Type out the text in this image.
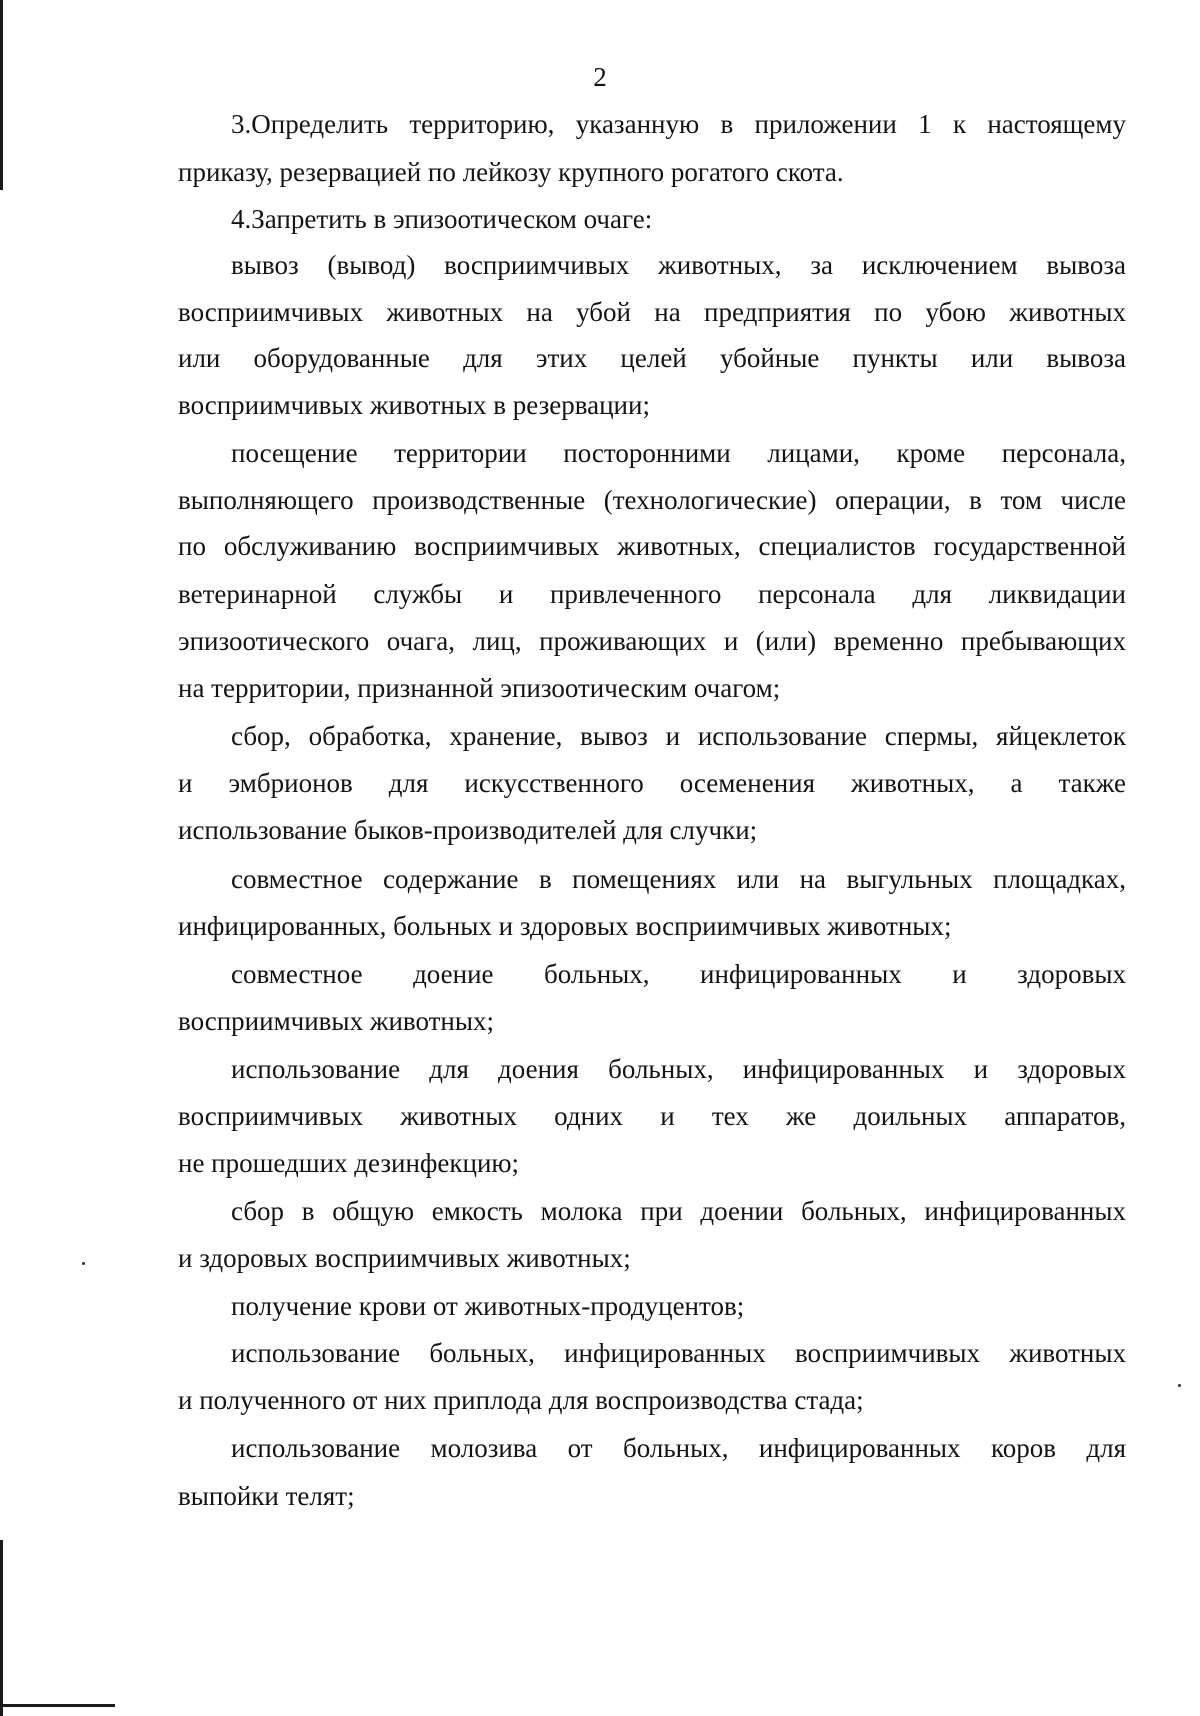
2
3.Определить территорию, указанную в приложении 1 к настоящему
приказу, резервацией по лейкозу крупного рогатого скота.
4.Запретить в эпизоотическом очаге:
вывоз (вывод) восприимчивых животных, за исключением вывоза
восприимчивых животных на убой на предприятия по убою животных
или оборудованные для этих целей убойные пункты или вывоза
восприимчивых животных в резервации;
посещение территории посторонними лицами, кроме персонала,
выполняющего производственные (технологические) операции, в том числе
по обслуживанию восприимчивых животных, специалистов государственной
ветеринарной службы и привлеченного персонала для ликвидации
эпизоотического очага, лиц, проживающих и (или) временно пребывающих
на территории, признанной эпизоотическим очагом;
сбор, обработка, хранение, вывоз и использование спермы, яйцеклеток
и эмбрионов для искусственного осеменения животных, а также
использование быков-производителей для случки;
совместное содержание в помещениях или на выгульных площадках,
инфицированных, больных и здоровых восприимчивых животных;
совместное доение больных, инфицированных и здоровых
восприимчивых животных;
использование для доения больных, инфицированных и здоровых
восприимчивых животных одних и тех же доильных аппаратов,
не прошедших дезинфекцию;
сбор в общую емкость молока при доении больных, инфицированных
и здоровых восприимчивых животных;
получение крови от животных-продуцентов;
использование больных, инфицированных восприимчивых животных
и полученного от них приплода для воспроизводства стада;
использование молозива от больных, инфицированных коров для
выпойки телят;
